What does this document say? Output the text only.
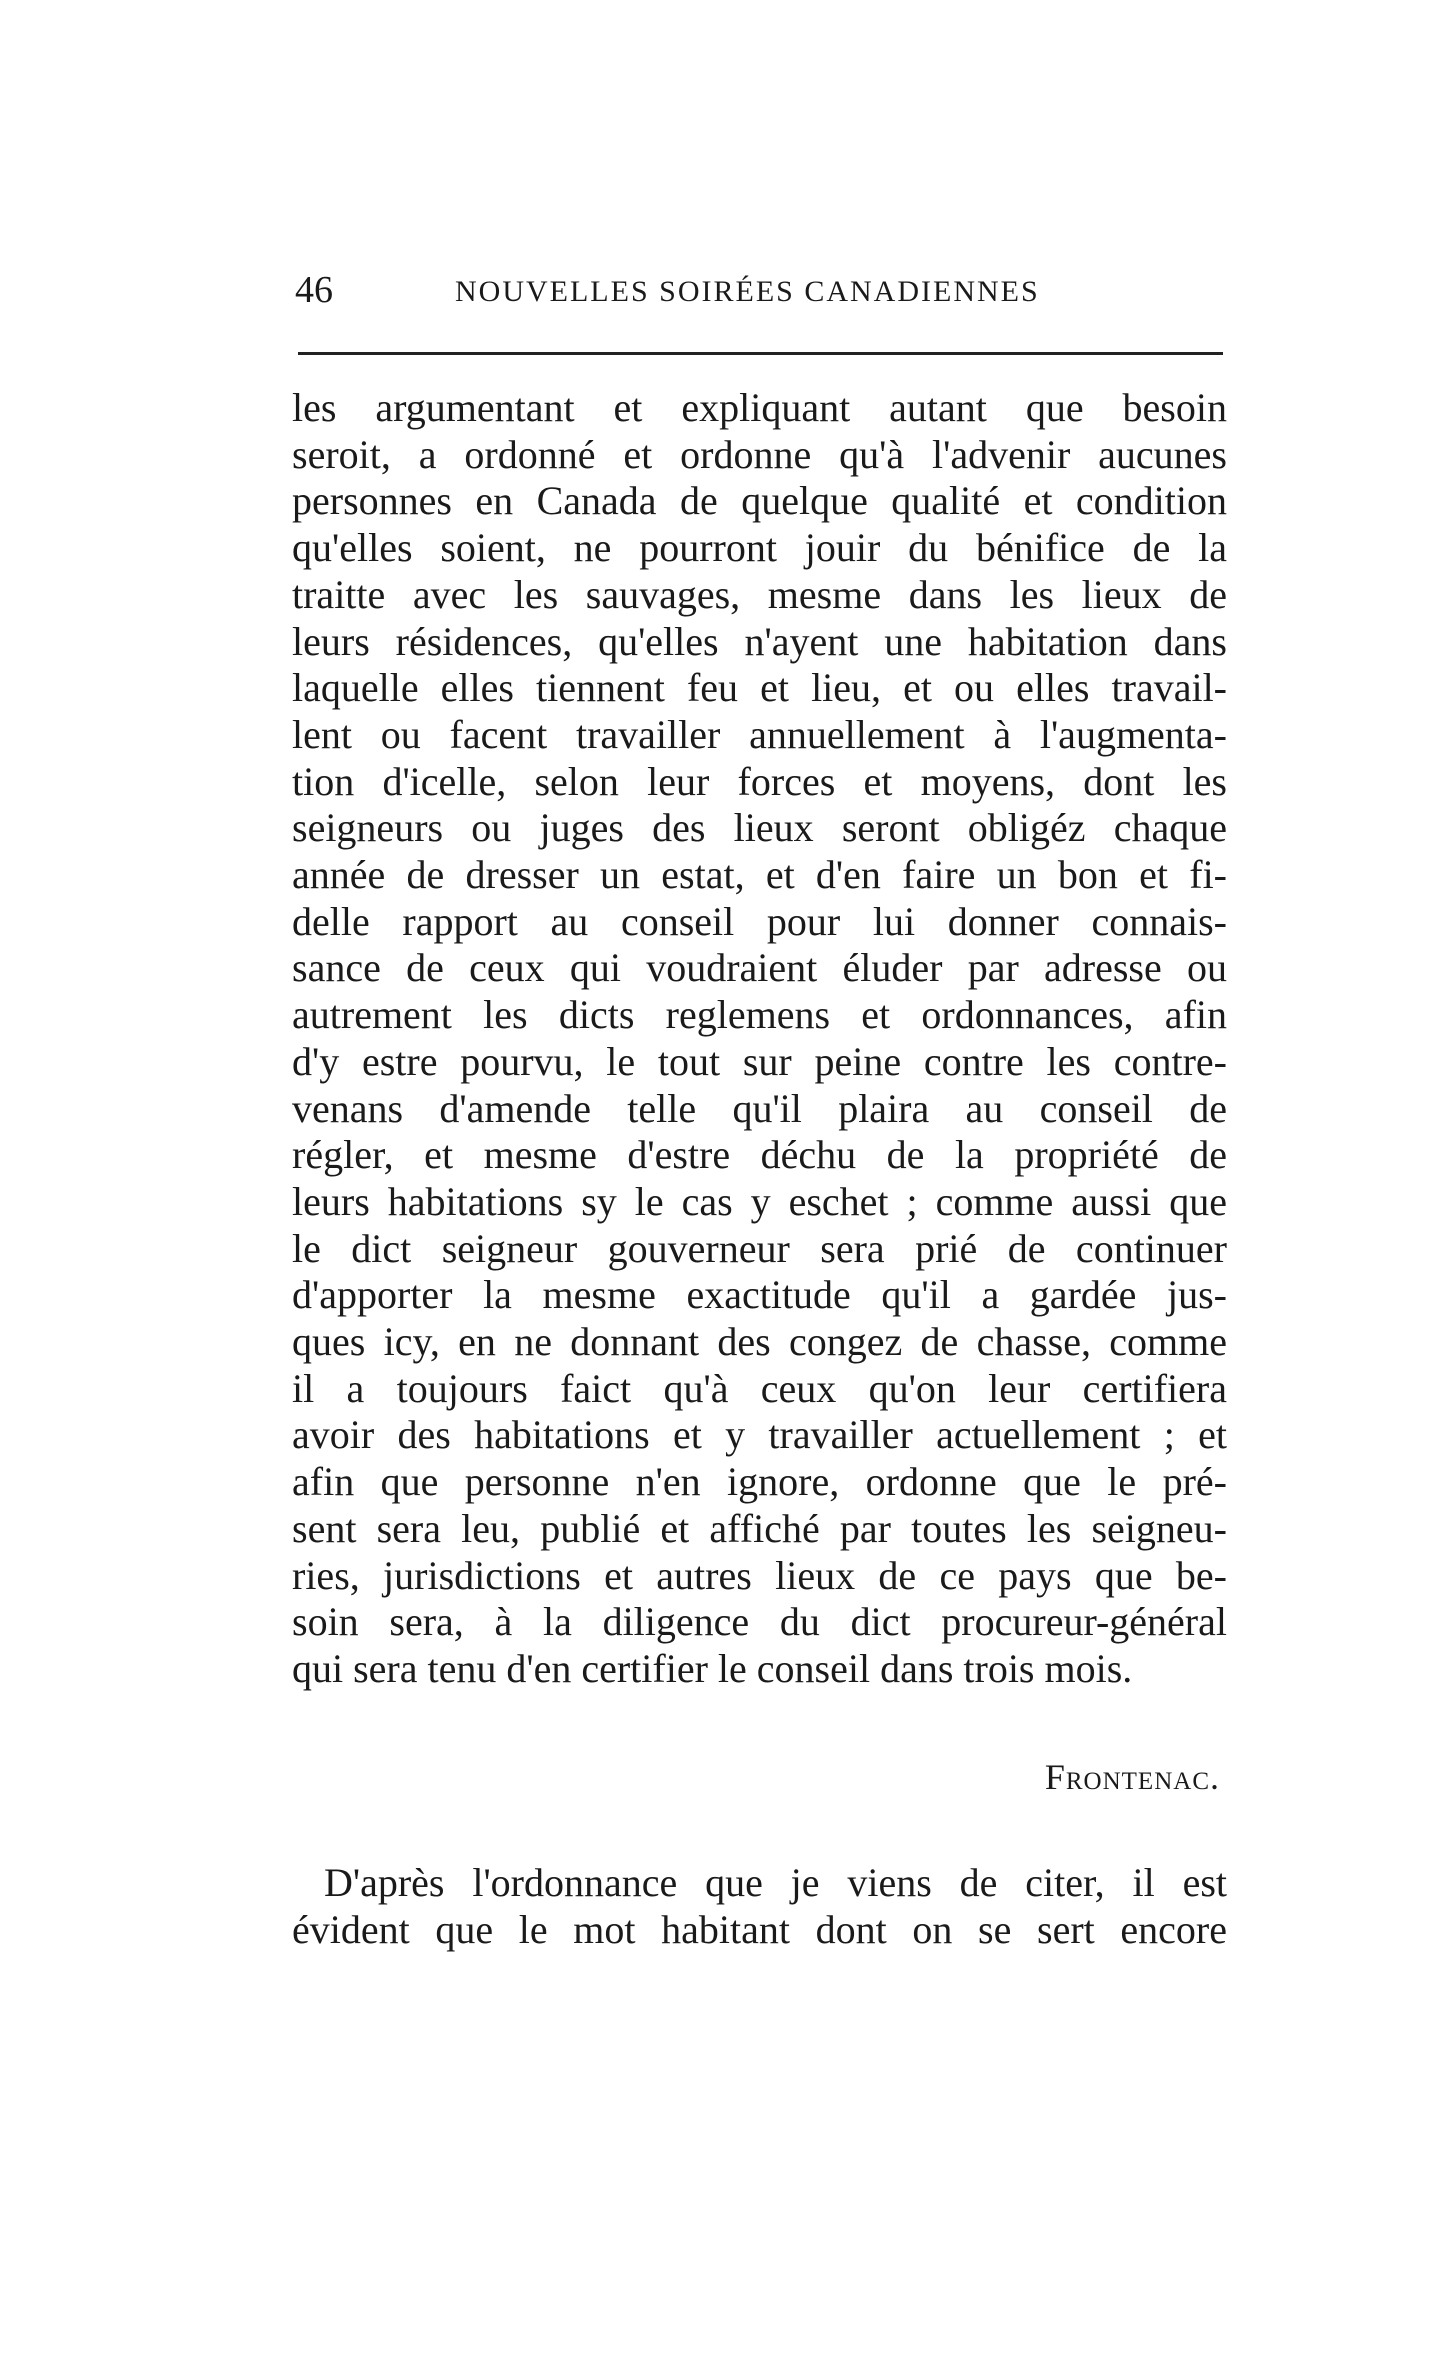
46	NOUVELLES SOIRÉES CANADIENNES
les argumentant et expliquant autant que besoin
seroit, a ordonné et ordonne qu'à l'advenir aucunes
personnes en Canada de quelque qualité et condition
qu'elles soient, ne pourront jouir du bénifice de la
traitte avec les sauvages, mesme dans les lieux de
leurs résidences, qu'elles n'ayent une habitation dans
laquelle elles tiennent feu et lieu, et ou elles travail-
lent ou facent travailler annuellement à l'augmenta-
tion d'icelle, selon leur forces et moyens, dont les
seigneurs ou juges des lieux seront obligéz chaque
année de dresser un estat, et d'en faire un bon et fi-
delle rapport au conseil pour lui donner connais-
sance de ceux qui voudraient éluder par adresse ou
autrement les dicts reglemens et ordonnances, afin
d'y estre pourvu, le tout sur peine contre les contre-
venans d'amende telle qu'il plaira au conseil de
régler, et mesme d'estre déchu de la propriété de
leurs habitations sy le cas y eschet ; comme aussi que
le dict seigneur gouverneur sera prié de continuer
d'apporter la mesme exactitude qu'il a gardée jus-
ques icy, en ne donnant des congez de chasse, comme
il a toujours faict qu'à ceux qu'on leur certifiera
avoir des habitations et y travailler actuellement ; et
afin que personne n'en ignore, ordonne que le pré-
sent sera leu, publié et affiché par toutes les seigneu-
ries, jurisdictions et autres lieux de ce pays que be-
soin sera, à la diligence du dict procureur-général
qui sera tenu d'en certifier le conseil dans trois mois.
Frontenac.
D'après l'ordonnance que je viens de citer, il est
évident que le mot habitant dont on se sert encore
